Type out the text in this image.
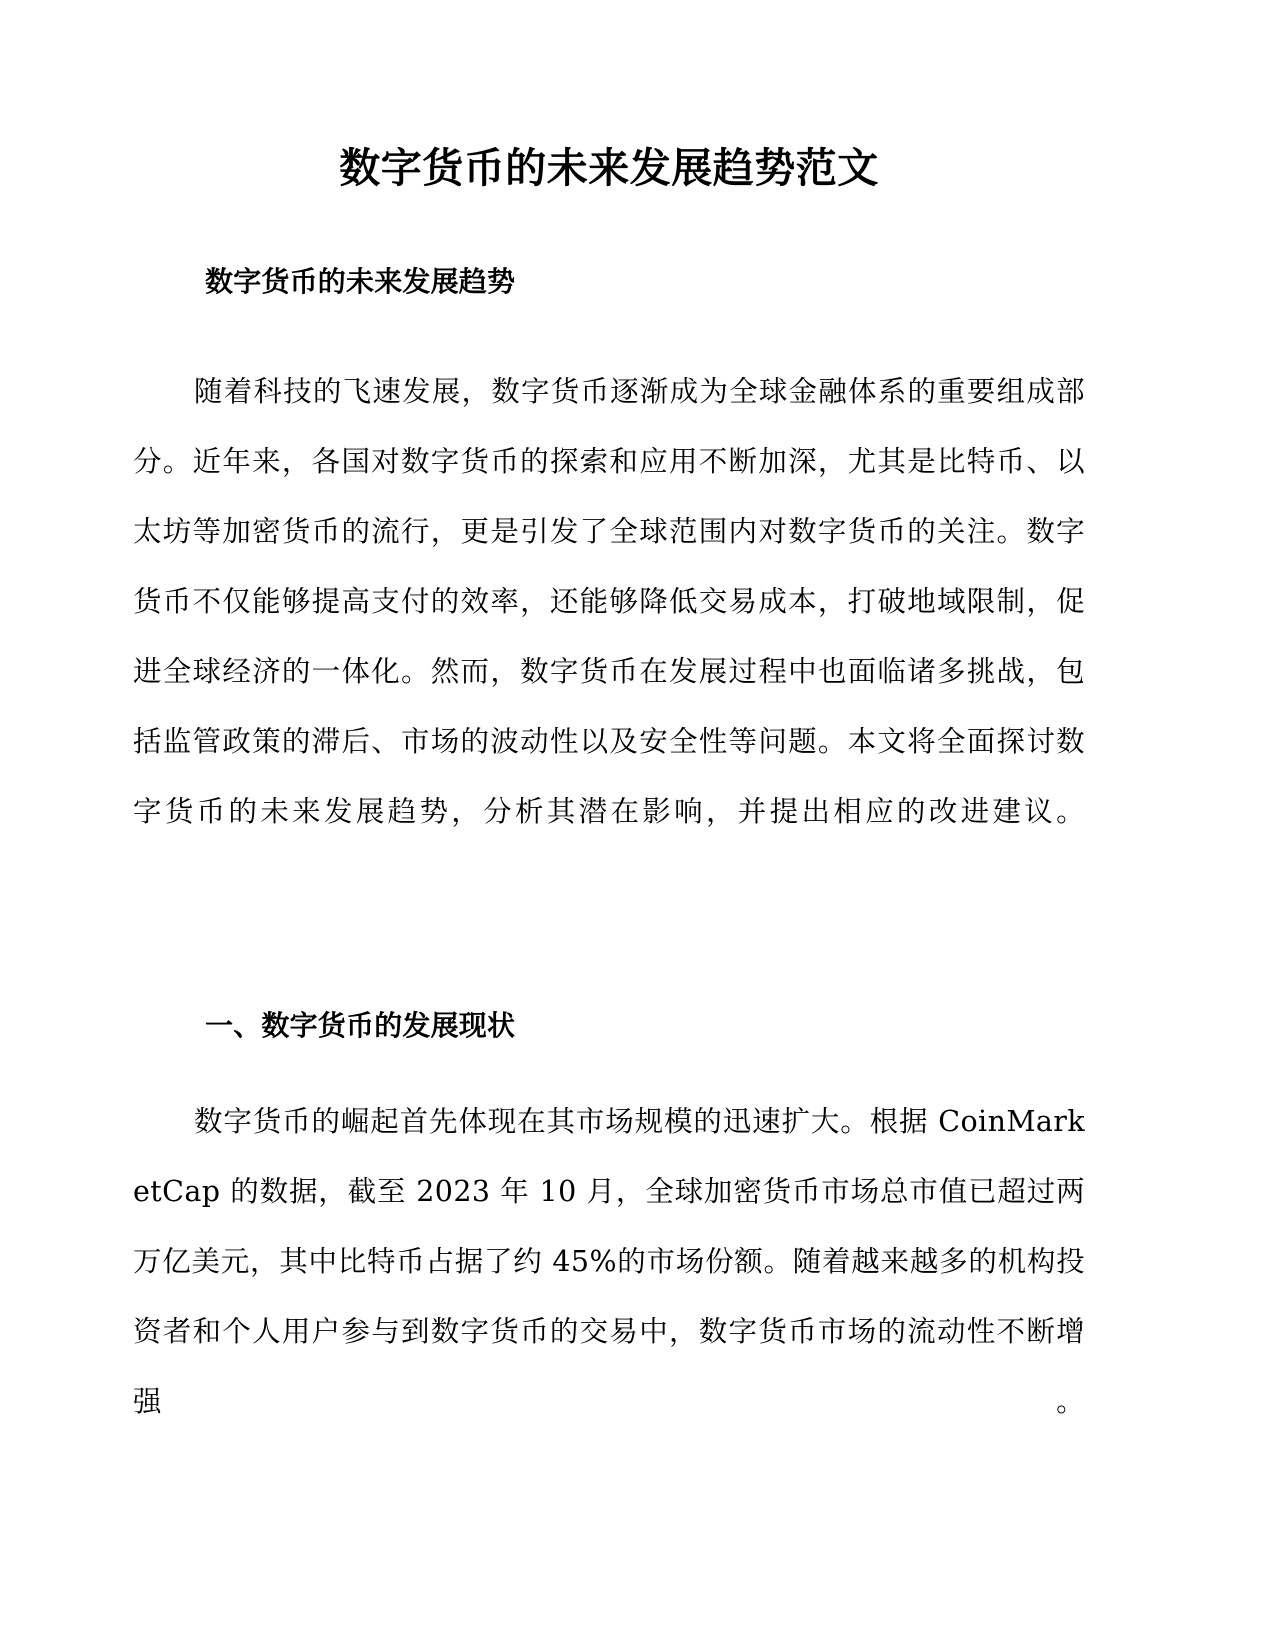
数字货币的未来发展趋势范文
数字货币的未来发展趋势

随着科技的飞速发展，数字货币逐渐成为全球金融体系的重要组成部分。近年来，各国对数字货币的探索和应用不断加深，尤其是比特币、以太坊等加密货币的流行，更是引发了全球范围内对数字货币的关注。数字货币不仅能够提高支付的效率，还能够降低交易成本，打破地域限制，促进全球经济的一体化。然而，数字货币在发展过程中也面临诸多挑战，包括监管政策的滞后、市场的波动性以及安全性等问题。本文将全面探讨数字货币的未来发展趋势，分析其潜在影响，并提出相应的改进建议。

一、数字货币的发展现状

数字货币的崛起首先体现在其市场规模的迅速扩大。根据 CoinMarketCap 的数据，截至 2023 年 10 月，全球加密货币市场总市值已超过两万亿美元，其中比特币占据了约 45%的市场份额。随着越来越多的机构投资者和个人用户参与到数字货币的交易中，数字货币市场的流动性不断增强。
